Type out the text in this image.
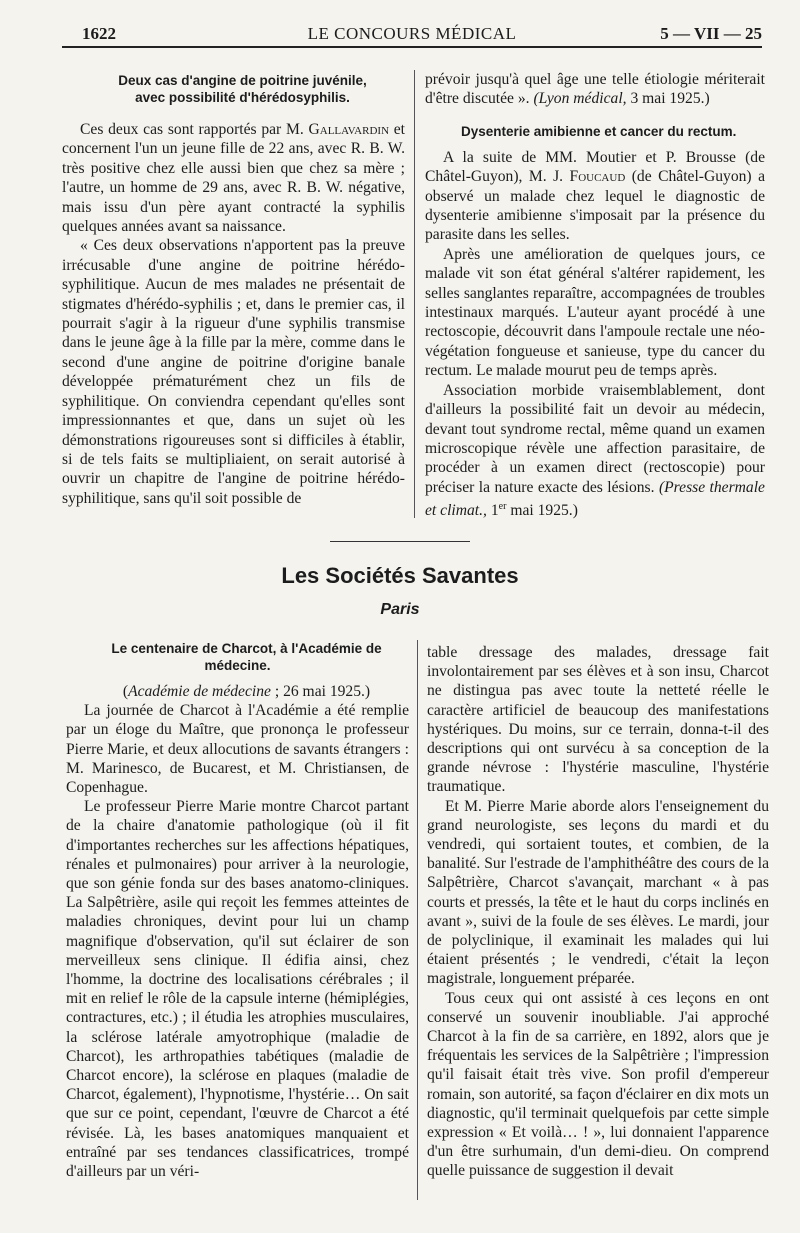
1622	LE CONCOURS MÉDICAL	5 — VII — 25

Deux cas d'angine de poitrine juvénile,

avec possibilité d'hérédosyphilis.

Ces deux cas sont rapportés par M. Gallavardin et concernent l'un un jeune fille de 22 ans, avec R. B. W. très positive chez elle aussi bien que chez sa mère ; l'autre, un homme de 29 ans, avec R. B. W. négative, mais issu d'un père ayant contracté la syphilis quelques années avant sa naissance.

« Ces deux observations n'apportent pas la preuve irrécusable d'une angine de poitrine hérédo-syphilitique. Aucun de mes malades ne présentait de stigmates d'hérédo-syphilis ; et, dans le premier cas, il pourrait s'agir à la rigueur d'une syphilis transmise dans le jeune âge à la fille par la mère, comme dans le second d'une angine de poitrine d'origine banale développée prématurément chez un fils de syphilitique. On conviendra cependant qu'elles sont impressionnantes et que, dans un sujet où les démonstrations rigoureuses sont si difficiles à établir, si de tels faits se multipliaient, on serait autorisé à ouvrir un chapitre de l'angine de poitrine hérédo-syphilitique, sans qu'il soit possible de

prévoir jusqu'à quel âge une telle étiologie mériterait d'être discutée ». (Lyon médical, 3 mai 1925.)

Dysenterie amibienne et cancer du rectum.

A la suite de MM. Moutier et P. Brousse (de Châtel-Guyon), M. J. Foucaud (de Châtel-Guyon) a observé un malade chez lequel le diagnostic de dysenterie amibienne s'imposait par la présence du parasite dans les selles.

Après une amélioration de quelques jours, ce malade vit son état général s'altérer rapidement, les selles sanglantes reparaître, accompagnées de troubles intestinaux marqués. L'auteur ayant procédé à une rectoscopie, découvrit dans l'ampoule rectale une néo-végétation fongueuse et sanieuse, type du cancer du rectum. Le malade mourut peu de temps après.

Association morbide vraisemblablement, dont d'ailleurs la possibilité fait un devoir au médecin, devant tout syndrome rectal, même quand un examen microscopique révèle une affection parasitaire, de procéder à un examen direct (rectoscopie) pour préciser la nature exacte des lésions. (Presse thermale et climat., 1er mai 1925.)

Les Sociétés Savantes
Paris

Le centenaire de Charcot, à l'Académie de médecine.

(Académie de médecine ; 26 mai 1925.)

La journée de Charcot à l'Académie a été remplie par un éloge du Maître, que prononça le professeur Pierre Marie, et deux allocutions de savants étrangers : M. Marinesco, de Bucarest, et M. Christiansen, de Copenhague.

Le professeur Pierre Marie montre Charcot partant de la chaire d'anatomie pathologique (où il fit d'importantes recherches sur les affections hépatiques, rénales et pulmonaires) pour arriver à la neurologie, que son génie fonda sur des bases anatomo-cliniques. La Salpêtrière, asile qui reçoit les femmes atteintes de maladies chroniques, devint pour lui un champ magnifique d'observation, qu'il sut éclairer de son merveilleux sens clinique. Il édifia ainsi, chez l'homme, la doctrine des localisations cérébrales ; il mit en relief le rôle de la capsule interne (hémiplégies, contractures, etc.) ; il étudia les atrophies musculaires, la sclérose latérale amyotrophique (maladie de Charcot), les arthropathies tabétiques (maladie de Charcot encore), la sclérose en plaques (maladie de Charcot, également), l'hypnotisme, l'hystérie… On sait que sur ce point, cependant, l'œuvre de Charcot a été révisée. Là, les bases anatomiques manquaient et entraîné par ses tendances classificatrices, trompé d'ailleurs par un véri-

table dressage des malades, dressage fait involontairement par ses élèves et à son insu, Charcot ne distingua pas avec toute la netteté réelle le caractère artificiel de beaucoup des manifestations hystériques. Du moins, sur ce terrain, donna-t-il des descriptions qui ont survécu à sa conception de la grande névrose : l'hystérie masculine, l'hystérie traumatique.

Et M. Pierre Marie aborde alors l'enseignement du grand neurologiste, ses leçons du mardi et du vendredi, qui sortaient toutes, et combien, de la banalité. Sur l'estrade de l'amphithéâtre des cours de la Salpêtrière, Charcot s'avançait, marchant « à pas courts et pressés, la tête et le haut du corps inclinés en avant », suivi de la foule de ses élèves. Le mardi, jour de polyclinique, il examinait les malades qui lui étaient présentés ; le vendredi, c'était la leçon magistrale, longuement préparée.

Tous ceux qui ont assisté à ces leçons en ont conservé un souvenir inoubliable. J'ai approché Charcot à la fin de sa carrière, en 1892, alors que je fréquentais les services de la Salpêtrière ; l'impression qu'il faisait était très vive. Son profil d'empereur romain, son autorité, sa façon d'éclairer en dix mots un diagnostic, qu'il terminait quelquefois par cette simple expression « Et voilà… ! », lui donnaient l'apparence d'un être surhumain, d'un demi-dieu. On comprend quelle puissance de suggestion il devait
